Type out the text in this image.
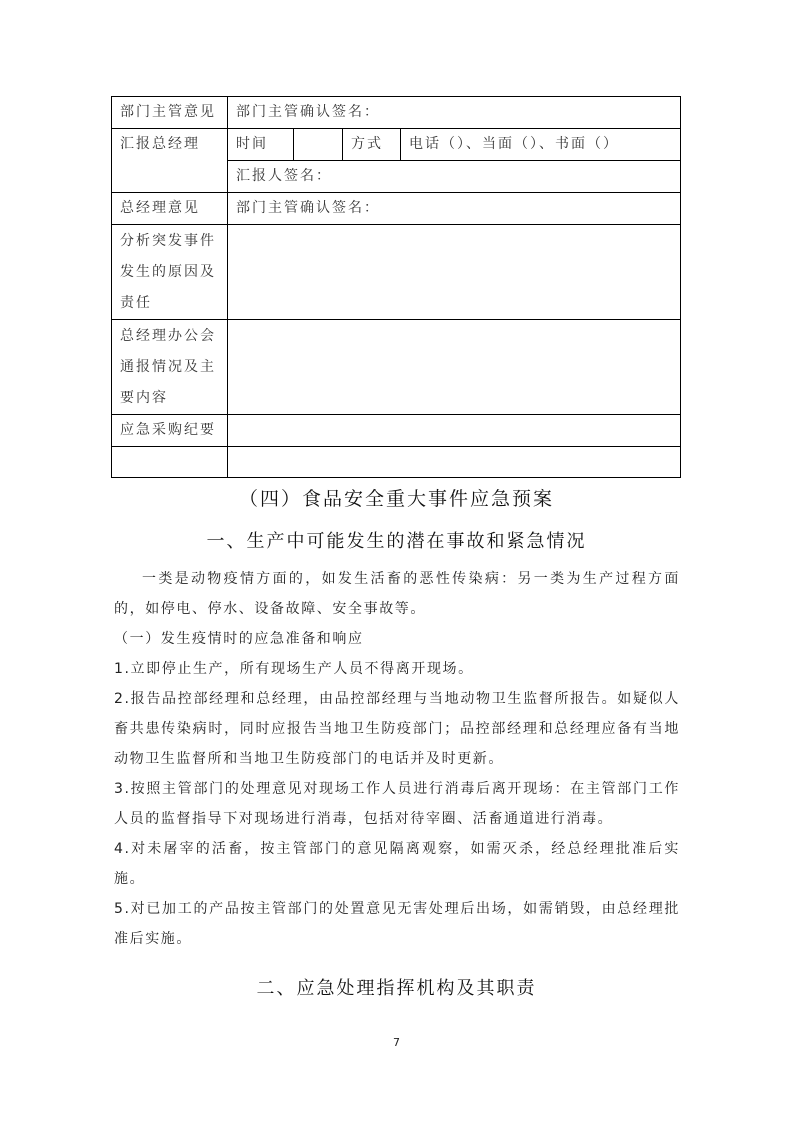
部门主管意见	部门主管确认签名：
汇报总经理	时间 方式 电话（）、当面（）、书面（）

	汇报人签名：
总经理意见	部门主管确认签名：
分析突发事件发生的原因及责任	
总经理办公会通报情况及主要内容	
应急采购纪要	

（四）食品安全重大事件应急预案
一、生产中可能发生的潜在事故和紧急情况
一类是动物疫情方面的，如发生活畜的恶性传染病：另一类为生产过程方面的，如停电、停水、设备故障、安全事故等。
（一）发生疫情时的应急准备和响应
1.立即停止生产，所有现场生产人员不得离开现场。
2.报告品控部经理和总经理，由品控部经理与当地动物卫生监督所报告。如疑似人畜共患传染病时，同时应报告当地卫生防疫部门；品控部经理和总经理应备有当地动物卫生监督所和当地卫生防疫部门的电话并及时更新。
3.按照主管部门的处理意见对现场工作人员进行消毒后离开现场：在主管部门工作人员的监督指导下对现场进行消毒，包括对待宰圈、活畜通道进行消毒。
4.对未屠宰的活畜，按主管部门的意见隔离观察，如需灭杀，经总经理批准后实施。
5.对已加工的产品按主管部门的处置意见无害处理后出场，如需销毁，由总经理批准后实施。
二、应急处理指挥机构及其职责
7
